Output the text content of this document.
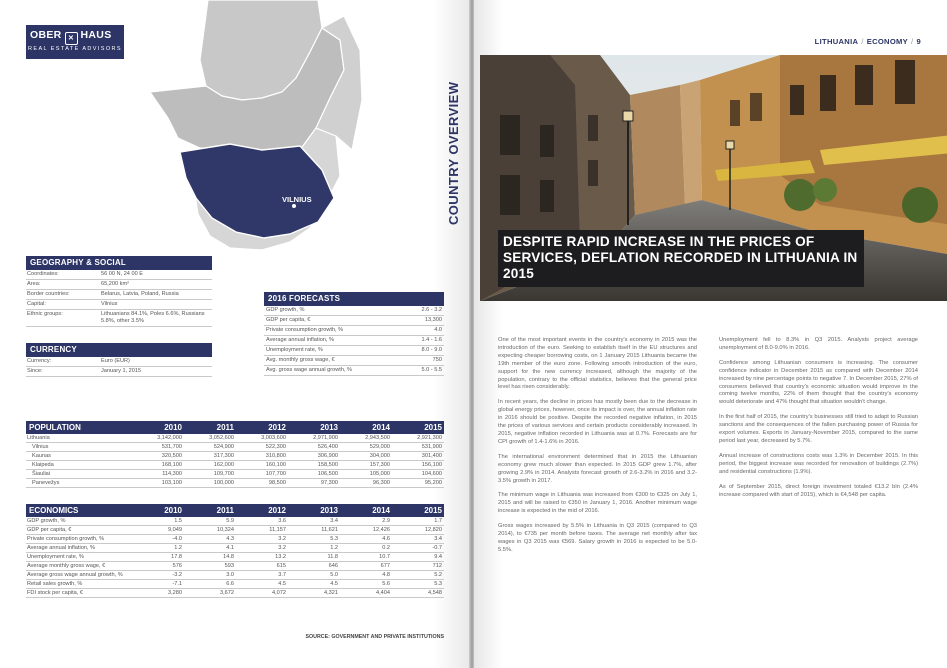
VILNIUS
OBER ✕ HAUS
REAL ESTATE ADVISORS
COUNTRY OVERVIEW
GEOGRAPHY & SOCIAL
Coordinates:	56 00 N, 24 00 E
Area:	65,200 km²
Border countries:	Belarus, Latvia, Poland, Russia
Capital:	Vilnius
Ethnic groups:	Lithuanians 84.1%, Poles 6.6%, Russians 5.8%, other 3.5%
CURRENCY
Currency:	Euro (EUR)
Since:	January 1, 2015
2016 FORECASTS
GDP growth, %	2.6 - 3.2
GDP per capita, €	13,300
Private consumption growth, %	4.0
Average annual inflation, %	1.4 - 1.6
Unemployment rate, %	8.0 - 9.0
Avg. monthly gross wage, €	750
Avg. gross wage annual growth, %	5.0 - 5.5
POPULATION	2010	2011	2012	2013	2014	2015
Lithuania	3,142,000	3,052,600	3,003,600	2,971,900	2,943,500	2,921,300
Vilnius	531,700	524,900	522,300	526,400	529,000	531,900
Kaunas	320,500	317,300	310,800	306,900	304,000	301,400
Klaipeda	168,100	162,000	160,100	158,500	157,300	156,100
Šiauliai	114,300	109,700	107,700	106,500	105,000	104,600
Panevežys	103,100	100,000	98,500	97,300	96,300	95,200
ECONOMICS	2010	2011	2012	2013	2014	2015
GDP growth, %	1.5	5.9	3.6	3.4	2.9	1.7
GDP per capita, €	9,049	10,324	11,157	11,621	12,426	12,820
Private consumption growth, %	-4.0	4.3	3.2	5.3	4.6	3.4
Average annual inflation, %	1.2	4.1	3.2	1.2	0.2	-0.7
Unemployment rate, %	17.8	14.8	13.2	11.8	10.7	9.4
Average monthly gross wage, €	576	593	615	646	677	712
Average gross wage annual growth, %	-3.2	3.0	3.7	5.0	4.8	5.2
Retail sales growth, %	-7.1	6.6	4.5	4.5	5.6	5.3
FDI stock per capita, €	3,280	3,672	4,072	4,321	4,404	4,548
SOURCE: GOVERNMENT AND PRIVATE INSTITUTIONS
LITHUANIA / ECONOMY / 9
DESPITE RAPID INCREASE IN THE PRICES OF SERVICES, DEFLATION RECORDED IN LITHUANIA IN 2015

One of the most important events in the country's economy in 2015 was the introduction of the euro. Seeking to establish itself in the EU structures and expecting cheaper borrowing costs, on 1 January 2015 Lithuania became the 19th member of the euro zone. Following smooth introduction of the euro, support for the new currency increased, although the majority of the population, contrary to the official statistics, believes that the general price level has risen considerably.

In recent years, the decline in prices has mostly been due to the decrease in global energy prices, however, once its impact is over, the annual inflation rate in 2016 should be positive. Despite the recorded negative inflation, in 2015 the prices of various services and certain products considerably increased. In 2015, negative inflation recorded in Lithuania was at 0.7%. Forecasts are for CPI growth of 1.4-1.6% in 2016.

The international environment determined that in 2015 the Lithuanian economy grew much slower than expected. In 2015 GDP grew 1.7%, after growing 2.9% in 2014. Analysts forecast growth of 2.6-3.2% in 2016 and 3.2-3.5% growth in 2017.

The minimum wage in Lithuania was increased from €300 to €325 on July 1, 2015 and will be raised to €350 in January 1, 2016. Another minimum wage increase is expected in the mid of 2016.

Gross wages increased by 5.5% in Lithuania in Q3 2015 (compared to Q3 2014), to €735 per month before taxes. The average net monthly after tax wages in Q3 2015 was €569. Salary growth in 2016 is expected to be 5.0-5.5%.

Unemployment fell to 8.3% in Q3 2015. Analysts project average unemployment of 8.0-9.0% in 2016.

Confidence among Lithuanian consumers is increasing. The consumer confidence indicator in December 2015 as compared with December 2014 increased by nine percentage points to negative 7. In December 2015, 27% of consumers believed that country's economic situation would improve in the coming twelve months, 22% of them thought that the country's economy would deteriorate and 47% thought that situation wouldn't change.

In the first half of 2015, the country's businesses still tried to adapt to Russian sanctions and the consequences of the fallen purchasing power of Russia for export volumes. Exports in January-November 2015, compared to the same period last year, decreased by 5.7%.

Annual increase of constructions costs was 1.3% in December 2015. In this period, the biggest increase was recorded for renovation of buildings (2.7%) and residential constructions (1.9%).

As of September 2015, direct foreign investment totaled €13.2 bln (2.4% increase compared with start of 2015), which is €4,548 per capita.
